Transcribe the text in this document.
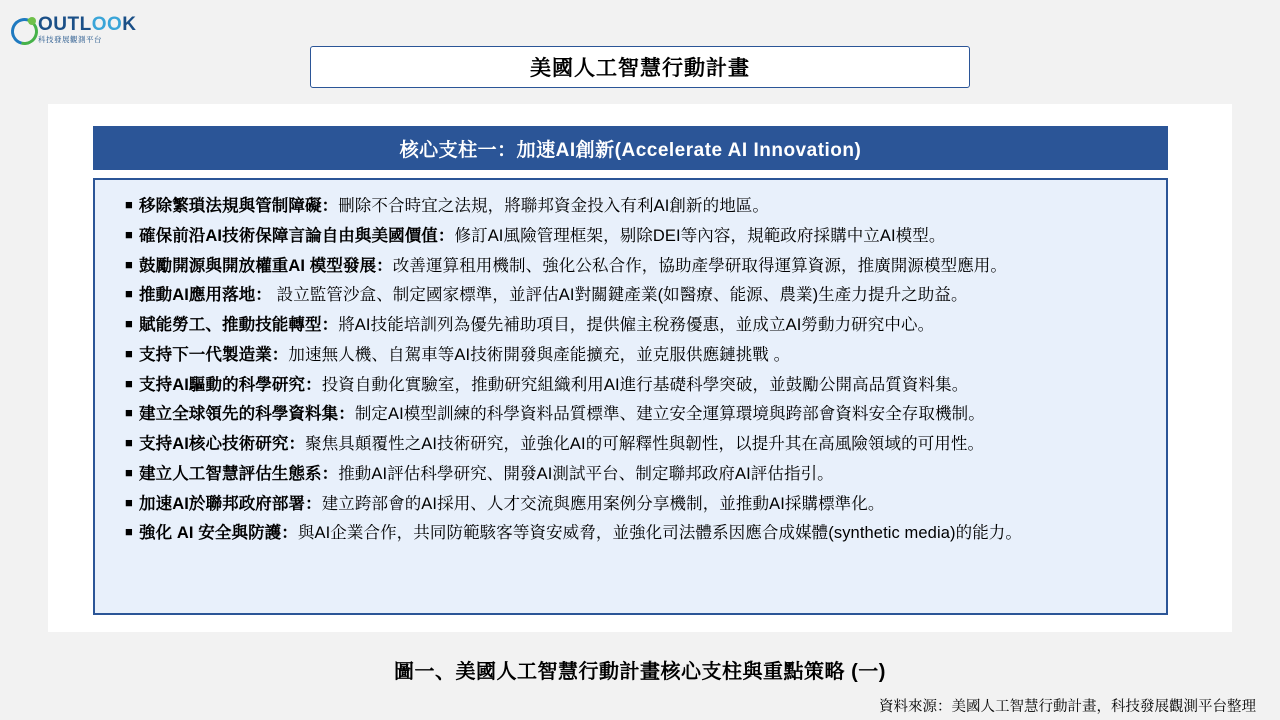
OUTLOOK
科技發展觀測平台
美國人工智慧行動計畫
核心支柱一：加速AI創新(Accelerate AI Innovation)
■ 移除繁瑣法規與管制障礙：刪除不合時宜之法規，將聯邦資金投入有利AI創新的地區。
■ 確保前沿AI技術保障言論自由與美國價值：修訂AI風險管理框架，剔除DEI等內容，規範政府採購中立AI模型。
■ 鼓勵開源與開放權重AI 模型發展：改善運算租用機制、強化公私合作，協助產學研取得運算資源，推廣開源模型應用。
■ 推動AI應用落地： 設立監管沙盒、制定國家標準，並評估AI對關鍵產業(如醫療、能源、農業)生產力提升之助益。
■ 賦能勞工、推動技能轉型：將AI技能培訓列為優先補助項目，提供僱主稅務優惠，並成立AI勞動力研究中心。
■ 支持下一代製造業：加速無人機、自駕車等AI技術開發與產能擴充，並克服供應鏈挑戰 。
■ 支持AI驅動的科學研究：投資自動化實驗室，推動研究組織利用AI進行基礎科學突破，並鼓勵公開高品質資料集。
■ 建立全球領先的科學資料集：制定AI模型訓練的科學資料品質標準、建立安全運算環境與跨部會資料安全存取機制。
■ 支持AI核心技術研究：聚焦具顛覆性之AI技術研究，並強化AI的可解釋性與韌性，以提升其在高風險領域的可用性。
■ 建立人工智慧評估生態系：推動AI評估科學研究、開發AI測試平台、制定聯邦政府AI評估指引。
■ 加速AI於聯邦政府部署：建立跨部會的AI採用、人才交流與應用案例分享機制，並推動AI採購標準化。
■ 強化 AI 安全與防護：與AI企業合作，共同防範駭客等資安威脅，並強化司法體系因應合成媒體(synthetic media)的能力。
圖一、美國人工智慧行動計畫核心支柱與重點策略 (一)
資料來源：美國人工智慧行動計畫，科技發展觀測平台整理
